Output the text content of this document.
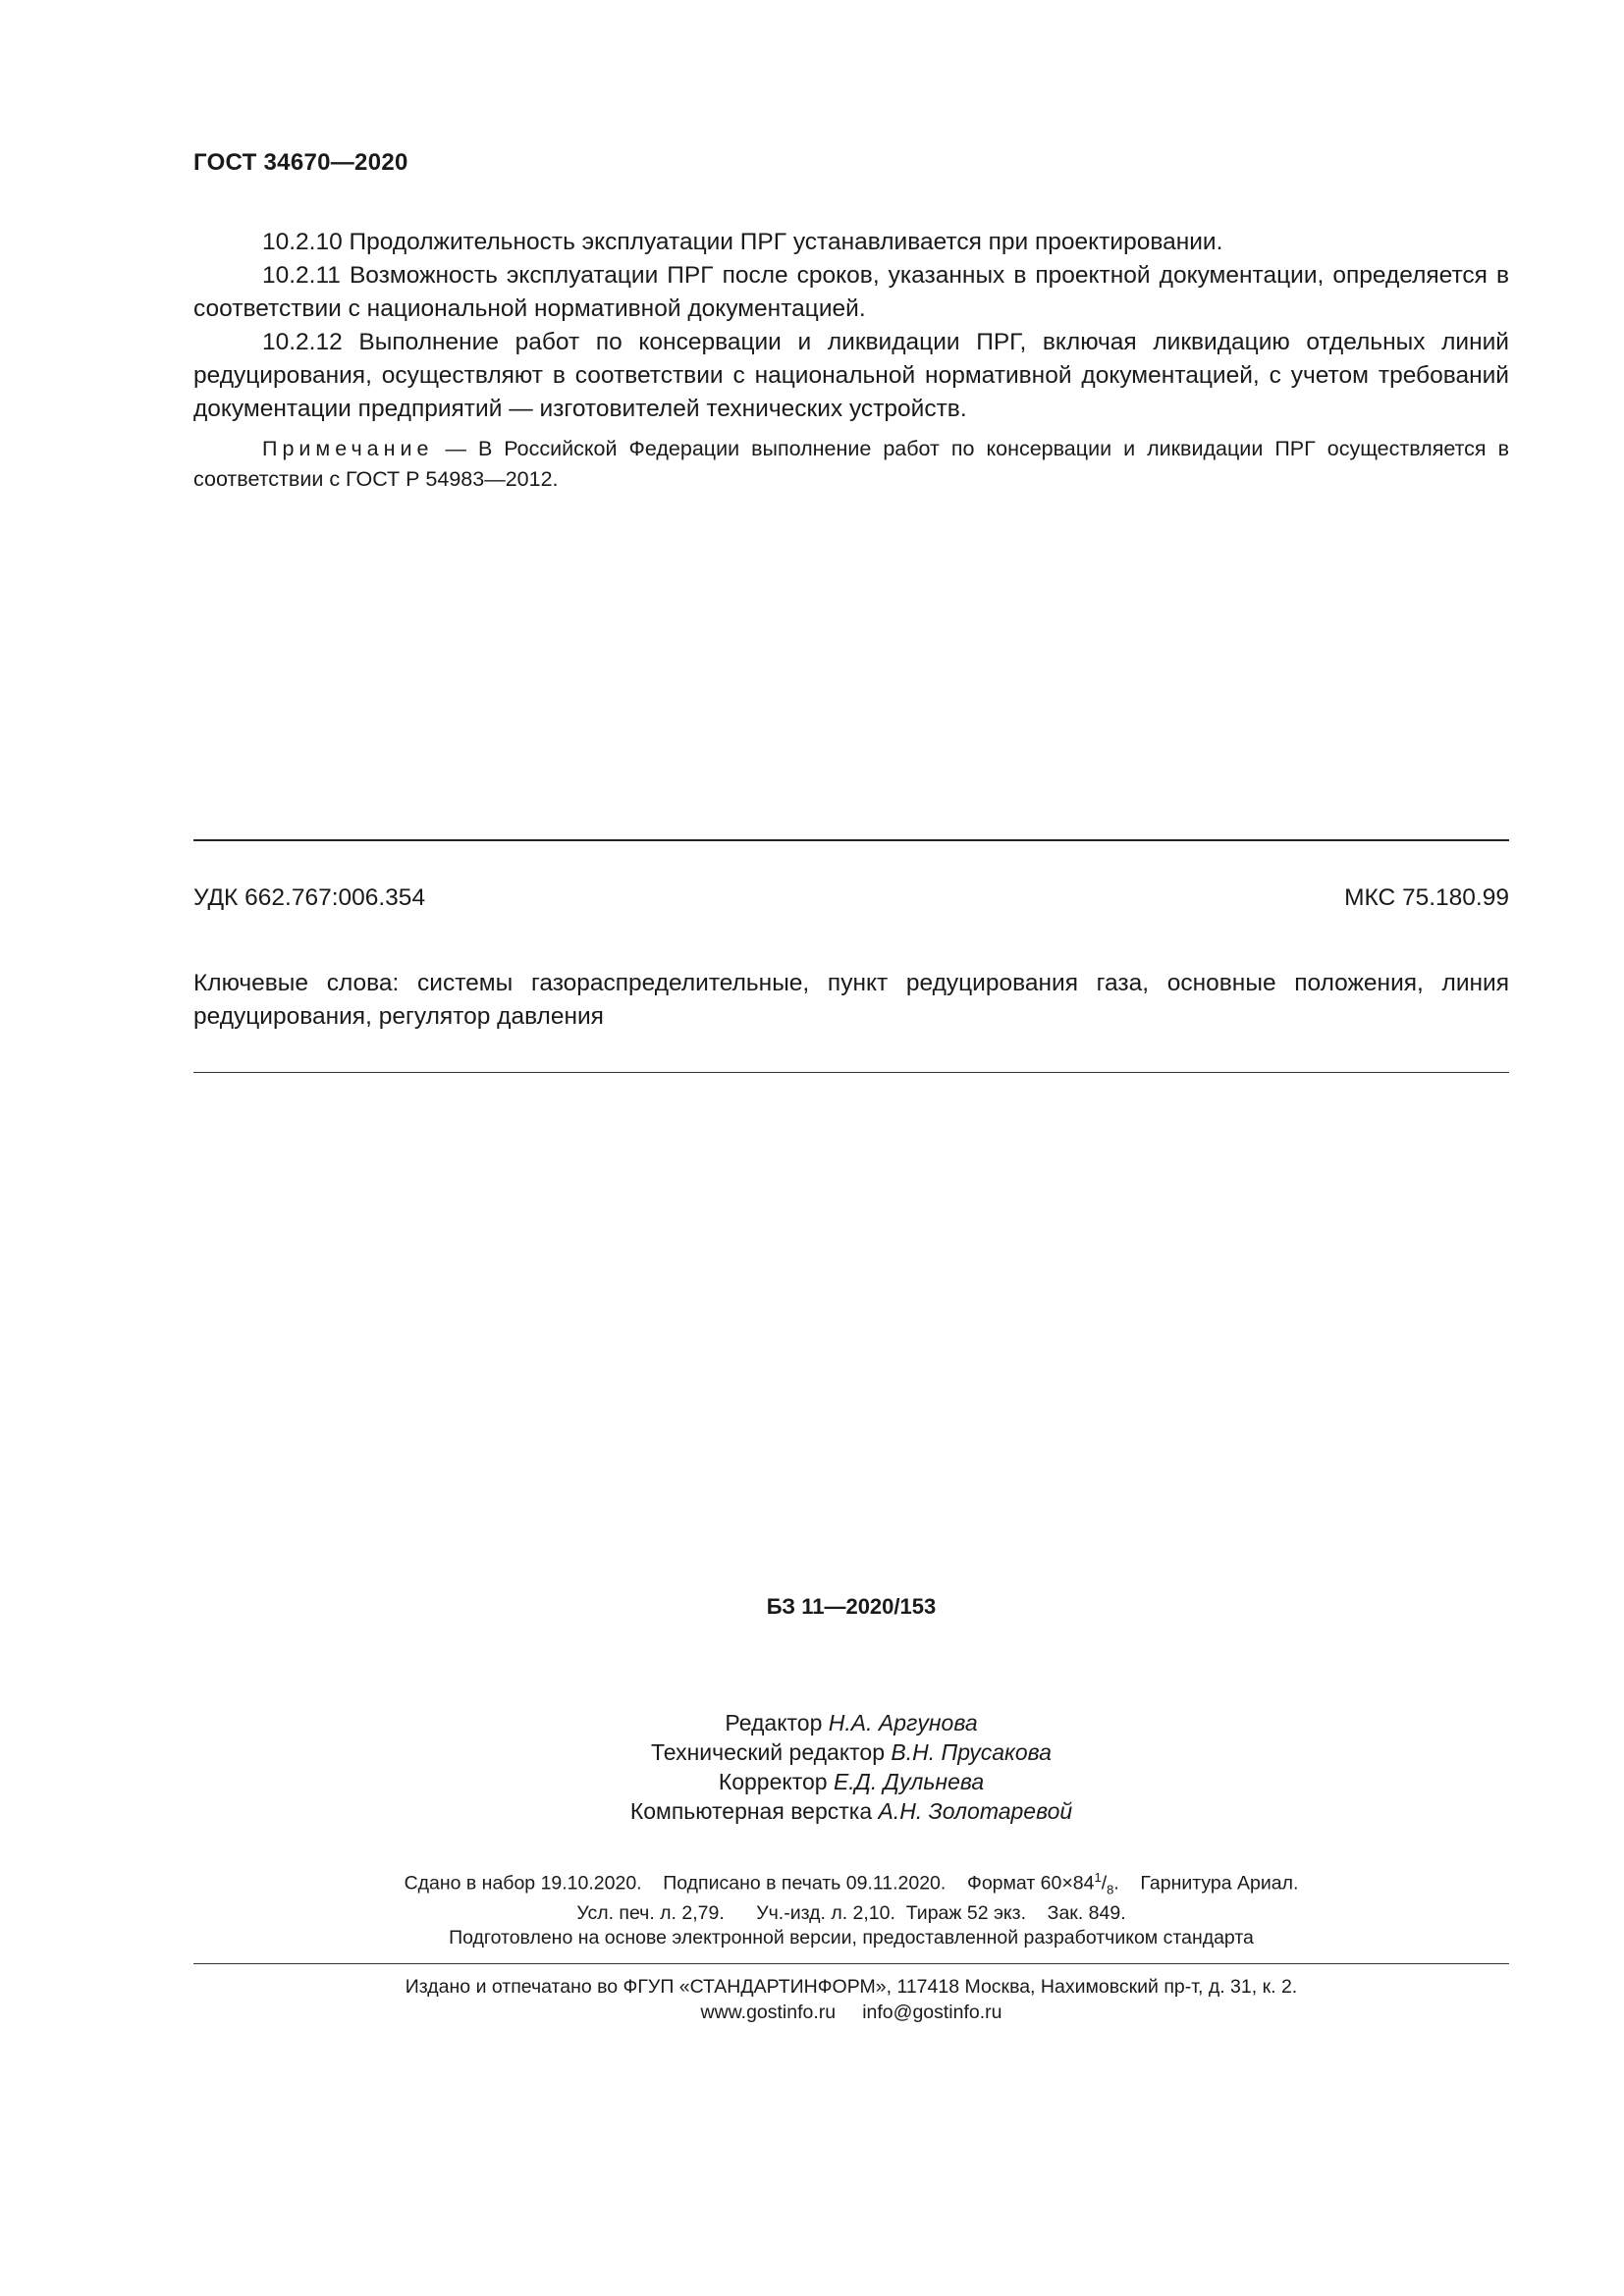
ГОСТ 34670—2020

10.2.10 Продолжительность эксплуатации ПРГ устанавливается при проектировании.

10.2.11 Возможность эксплуатации ПРГ после сроков, указанных в проектной документации, определяется в соответствии с национальной нормативной документацией.

10.2.12 Выполнение работ по консервации и ликвидации ПРГ, включая ликвидацию отдельных линий редуцирования, осуществляют в соответствии с национальной нормативной документацией, с учетом требований документации предприятий — изготовителей технических устройств.

Примечание — В Российской Федерации выполнение работ по консервации и ликвидации ПРГ осуществляется в соответствии с ГОСТ Р 54983—2012.

УДК 662.767:006.354	МКС 75.180.99
Ключевые слова: системы газораспределительные, пункт редуцирования газа, основные положения, линия редуцирования, регулятор давления
БЗ 11—2020/153
Редактор Н.А. Аргунова
Технический редактор В.Н. Прусакова
Корректор Е.Д. Дульнева
Компьютерная верстка А.Н. Золотаревой
Сдано в набор 19.10.2020.    Подписано в печать 09.11.2020.    Формат $60\times 84^1/_8$.    Гарнитура Ариал.
Усл. печ. л. 2,79.      Уч.-изд. л. 2,10.  Тираж 52 экз.    Зак. 849.
Подготовлено на основе электронной версии, предоставленной разработчиком стандарта
Издано и отпечатано во ФГУП «СТАНДАРТИНФОРМ», 117418 Москва, Нахимовский пр-т, д. 31, к. 2.
www.gostinfo.ru     info@gostinfo.ru
